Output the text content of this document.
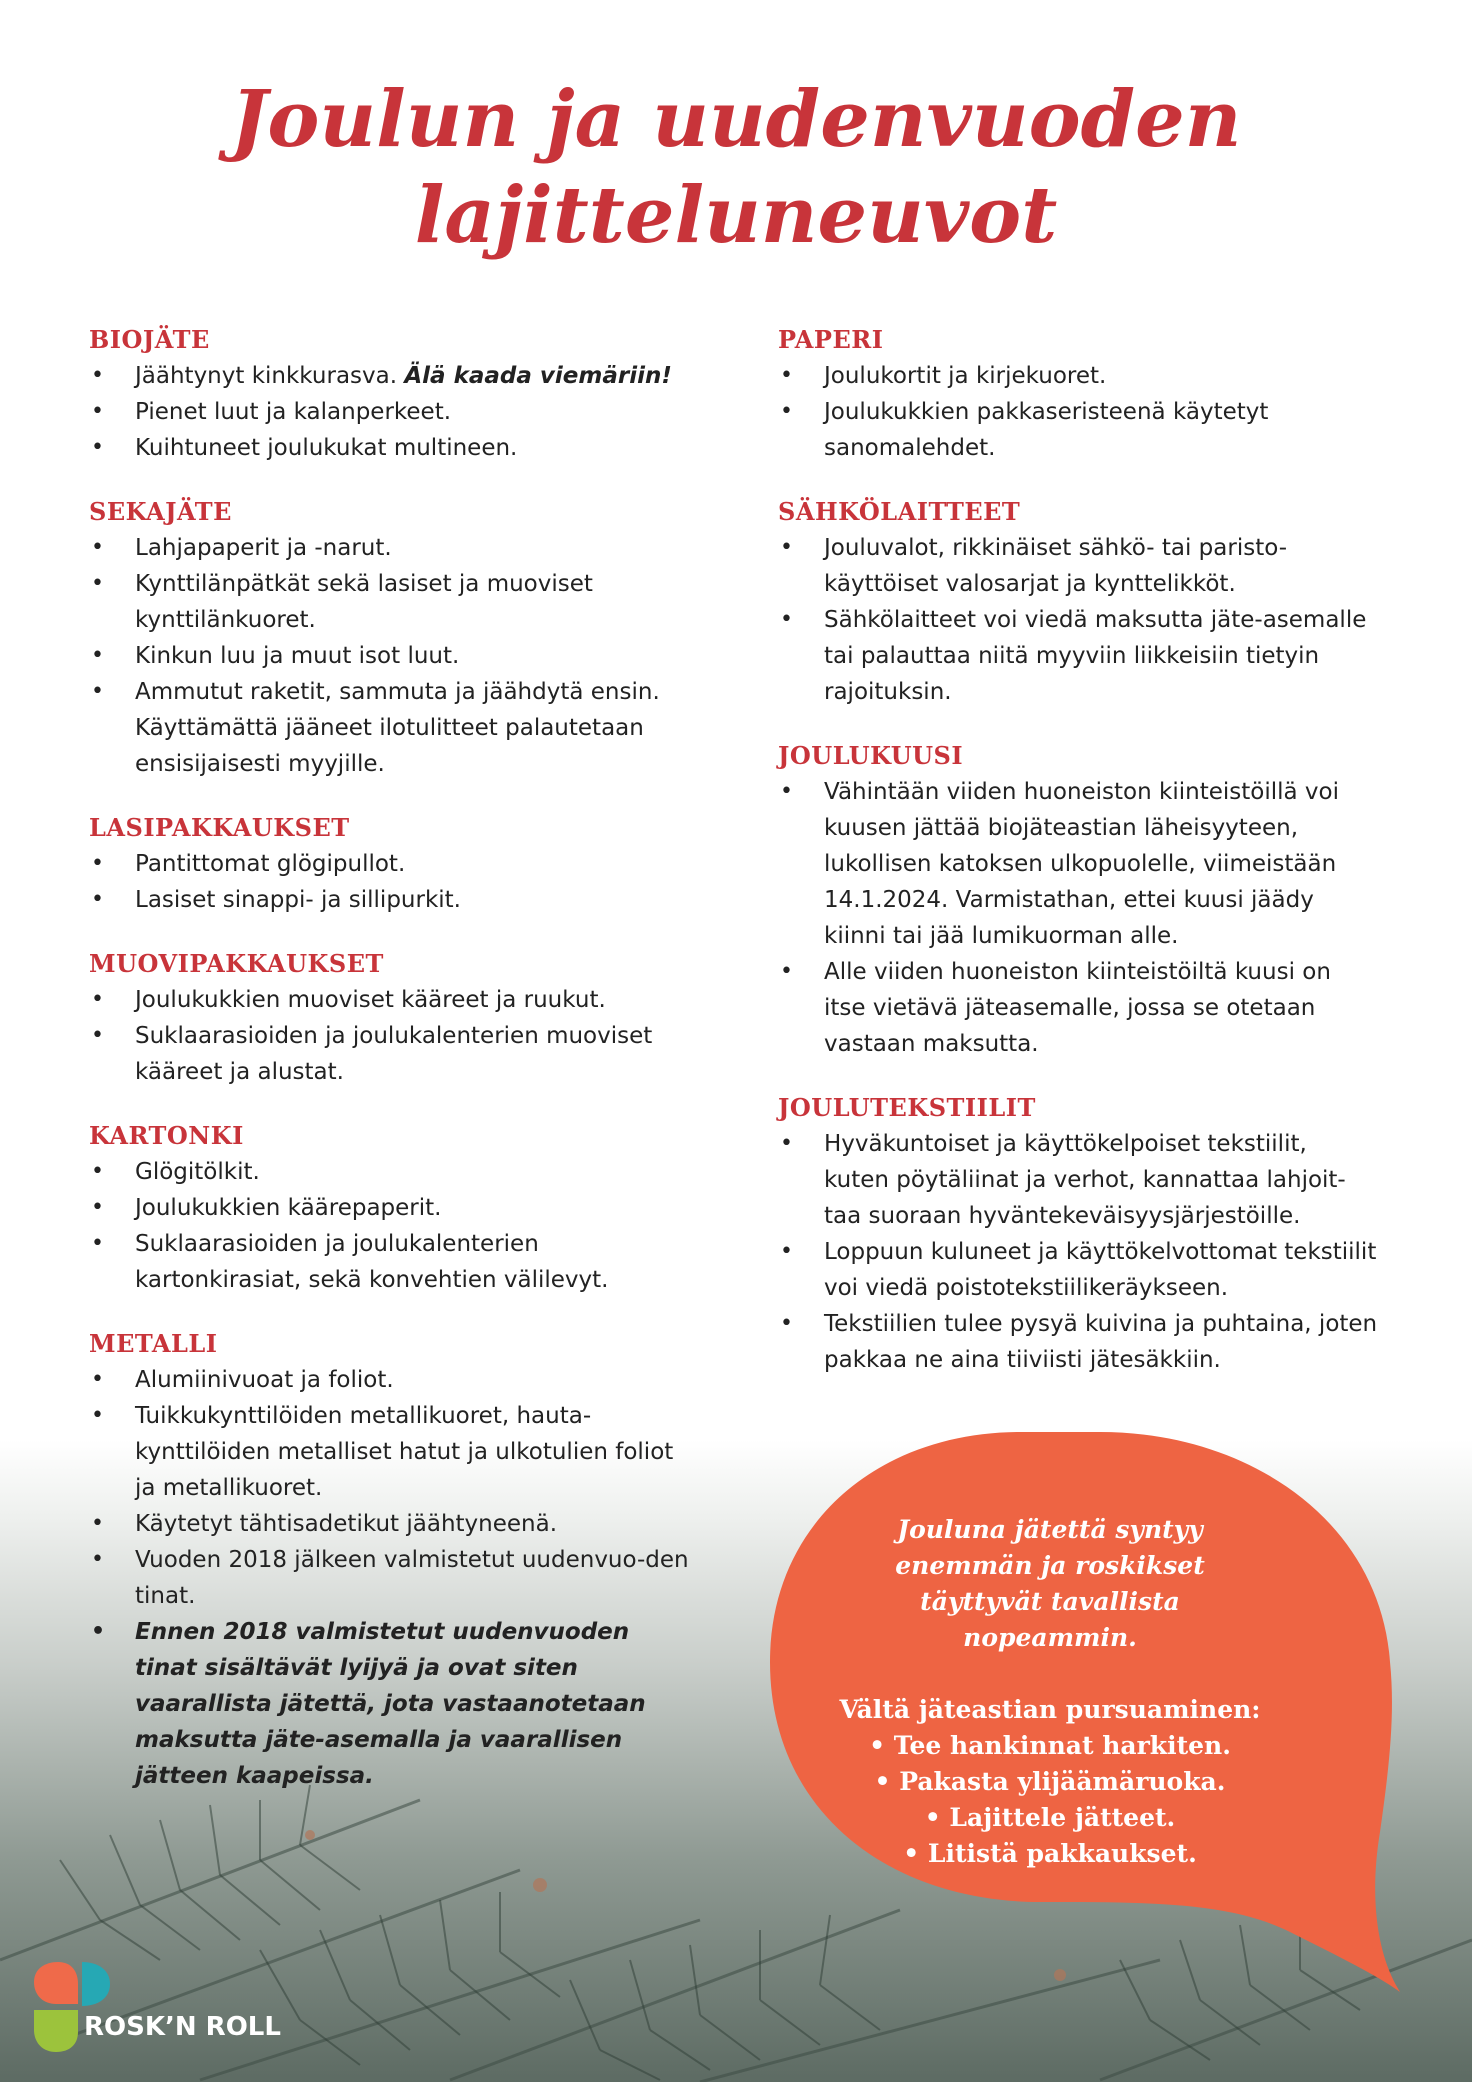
Joulun ja uudenvuoden
lajitteluneuvot
BIOJÄTE
• Jäähtynyt kinkkurasva. Älä kaada viemäriin!
• Pienet luut ja kalanperkeet.
• Kuihtuneet joulukukat multineen.
SEKAJÄTE
• Lahjapaperit ja -narut.
• Kynttilänpätkät sekä lasiset ja muoviset kynttilänkuoret.
• Kinkun luu ja muut isot luut.
• Ammutut raketit, sammuta ja jäähdytä ensin. Käyttämättä jääneet ilotulitteet palautetaan ensisijaisesti myyjille.
LASIPAKKAUKSET
• Pantittomat glögipullot.
• Lasiset sinappi- ja sillipurkit.
MUOVIPAKKAUKSET
• Joulukukkien muoviset kääreet ja ruukut.
• Suklaarasioiden ja joulukalenterien muoviset kääreet ja alustat.
KARTONKI
• Glögitölkit.
• Joulukukkien käärepaperit.
• Suklaarasioiden ja joulukalenterien kartonkirasiat, sekä konvehtien välilevyt.
METALLI
• Alumiinivuoat ja foliot.
• Tuikkukynttilöiden metallikuoret, hauta-kynttilöiden metalliset hatut ja ulkotulien foliot ja metallikuoret.
• Käytetyt tähtisadetikut jäähtyneenä.
• Vuoden 2018 jälkeen valmistetut uudenvuo-den tinat.
• Ennen 2018 valmistetut uudenvuoden tinat sisältävät lyijyä ja ovat siten vaarallista jätettä, jota vastaanotetaan maksutta jäte-asemalla ja vaarallisen jätteen kaapeissa.
PAPERI
• Joulukortit ja kirjekuoret.
• Joulukukkien pakkaseristeenä käytetyt sanomalehdet.
SÄHKÖLAITTEET
• Jouluvalot, rikkinäiset sähkö- tai paristo-käyttöiset valosarjat ja kynttelikköt.
• Sähkölaitteet voi viedä maksutta jäte-asemalle tai palauttaa niitä myyviin liikkeisiin tietyin rajoituksin.
JOULUKUUSI
• Vähintään viiden huoneiston kiinteistöillä voi kuusen jättää biojäteastian läheisyyteen, lukollisen katoksen ulkopuolelle, viimeistään 14.1.2024. Varmistathan, ettei kuusi jäädy kiinni tai jää lumikuorman alle.
• Alle viiden huoneiston kiinteistöiltä kuusi on itse vietävä jäteasemalle, jossa se otetaan vastaan maksutta.
JOULUTEKSTIILIT
• Hyväkuntoiset ja käyttökelpoiset tekstiilit, kuten pöytäliinat ja verhot, kannattaa lahjoit-taa suoraan hyväntekeväisyysjärjestöille.
• Loppuun kuluneet ja käyttökelvottomat tekstiilit voi viedä poistotekstiilikeräykseen.
• Tekstiilien tulee pysyä kuivina ja puhtaina, joten pakkaa ne aina tiiviisti jätesäkkiin.
Jouluna jätettä syntyy
enemmän ja roskikset
täyttyvät tavallista
nopeammin.
Vältä jäteastian pursuaminen:
• Tee hankinnat harkiten.
• Pakasta ylijäämäruoka.
• Lajittele jätteet.
• Litistä pakkaukset.
ROSK’N ROLL
